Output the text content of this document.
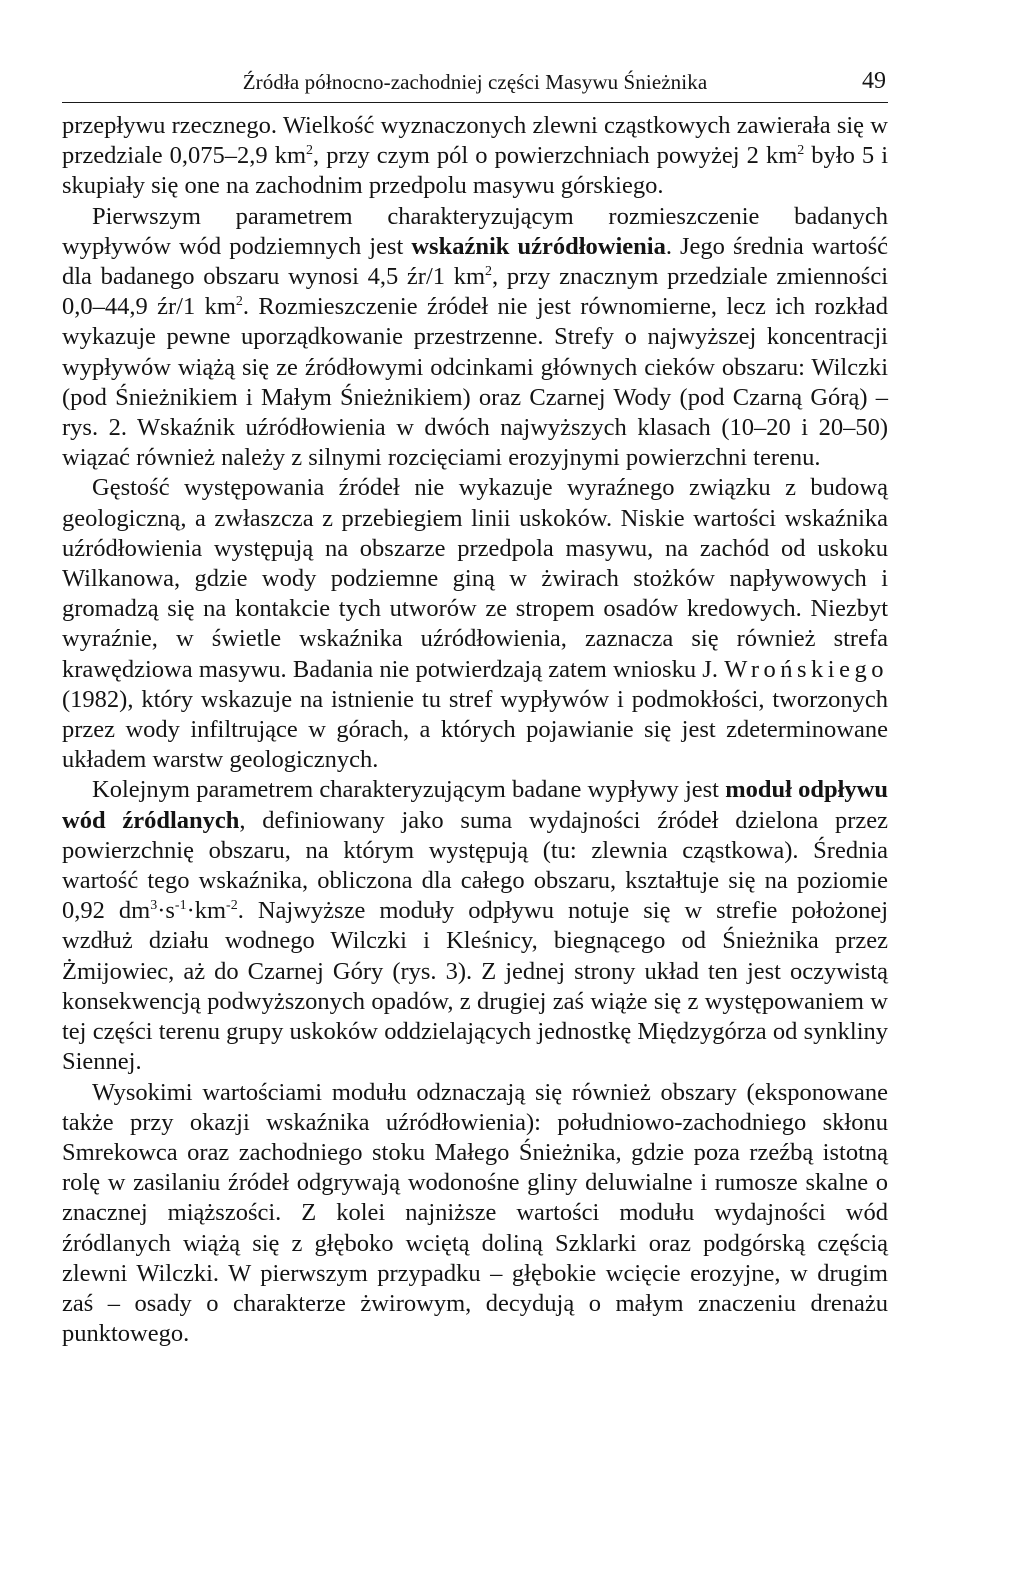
Źródła północno-zachodniej części Masywu Śnieżnika	49

przepływu rzecznego. Wielkość wyznaczonych zlewni cząstkowych zawierała się w przedziale 0,075–2,9 $km^2$, przy czym pól o powierzchniach powyżej 2 $km^2$ było 5 i skupiały się one na zachodnim przedpolu masywu górskiego.

Pierwszym parametrem charakteryzującym rozmieszczenie badanych wypływów wód podziemnych jest wskaźnik uźródłowienia. Jego średnia wartość dla badanego obszaru wynosi 4,5 źr/1 $km^2$, przy znacznym przedziale zmienności 0,0–44,9 źr/1 $km^2$. Rozmieszczenie źródeł nie jest równomierne, lecz ich rozkład wykazuje pewne uporządkowanie przestrzenne. Strefy o najwyższej koncentracji wypływów wiążą się ze źródłowymi odcinkami głównych cieków obszaru: Wilczki (pod Śnieżnikiem i Małym Śnieżnikiem) oraz Czarnej Wody (pod Czarną Górą) – rys. 2. Wskaźnik uźródłowienia w dwóch najwyższych klasach (10–20 i 20–50) wiązać również należy z silnymi rozcięciami erozyjnymi powierzchni terenu.

Gęstość występowania źródeł nie wykazuje wyraźnego związku z budową geologiczną, a zwłaszcza z przebiegiem linii uskoków. Niskie wartości wskaźnika uźródłowienia występują na obszarze przedpola masywu, na zachód od uskoku Wilkanowa, gdzie wody podziemne giną w żwirach stożków napływowych i gromadzą się na kontakcie tych utworów ze stropem osadów kredowych. Niezbyt wyraźnie, w świetle wskaźnika uźródłowienia, zaznacza się również strefa krawędziowa masywu. Badania nie potwierdzają zatem wniosku J. Wrońskiego (1982), który wskazuje na istnienie tu stref wypływów i podmokłości, tworzonych przez wody infiltrujące w górach, a których pojawianie się jest zdeterminowane układem warstw geologicznych.

Kolejnym parametrem charakteryzującym badane wypływy jest moduł odpływu wód źródlanych, definiowany jako suma wydajności źródeł dzielona przez powierzchnię obszaru, na którym występują (tu: zlewnia cząstkowa). Średnia wartość tego wskaźnika, obliczona dla całego obszaru, kształtuje się na poziomie 0,92 $dm^3\cdot s^{-1}\cdot km^{-2}$. Najwyższe moduły odpływu notuje się w strefie położonej wzdłuż działu wodnego Wilczki i Kleśnicy, biegnącego od Śnieżnika przez Żmijowiec, aż do Czarnej Góry (rys. 3). Z jednej strony układ ten jest oczywistą konsekwencją podwyższonych opadów, z drugiej zaś wiąże się z występowaniem w tej części terenu grupy uskoków oddzielających jednostkę Międzygórza od synkliny Siennej.

Wysokimi wartościami modułu odznaczają się również obszary (eksponowane także przy okazji wskaźnika uźródłowienia): południowo-zachodniego skłonu Smrekowca oraz zachodniego stoku Małego Śnieżnika, gdzie poza rzeźbą istotną rolę w zasilaniu źródeł odgrywają wodonośne gliny deluwialne i rumosze skalne o znacznej miąższości. Z kolei najniższe wartości modułu wydajności wód źródlanych wiążą się z głęboko wciętą doliną Szklarki oraz podgórską częścią zlewni Wilczki. W pierwszym przypadku – głębokie wcięcie erozyjne, w drugim zaś – osady o charakterze żwirowym, decydują o małym znaczeniu drenażu punktowego.
